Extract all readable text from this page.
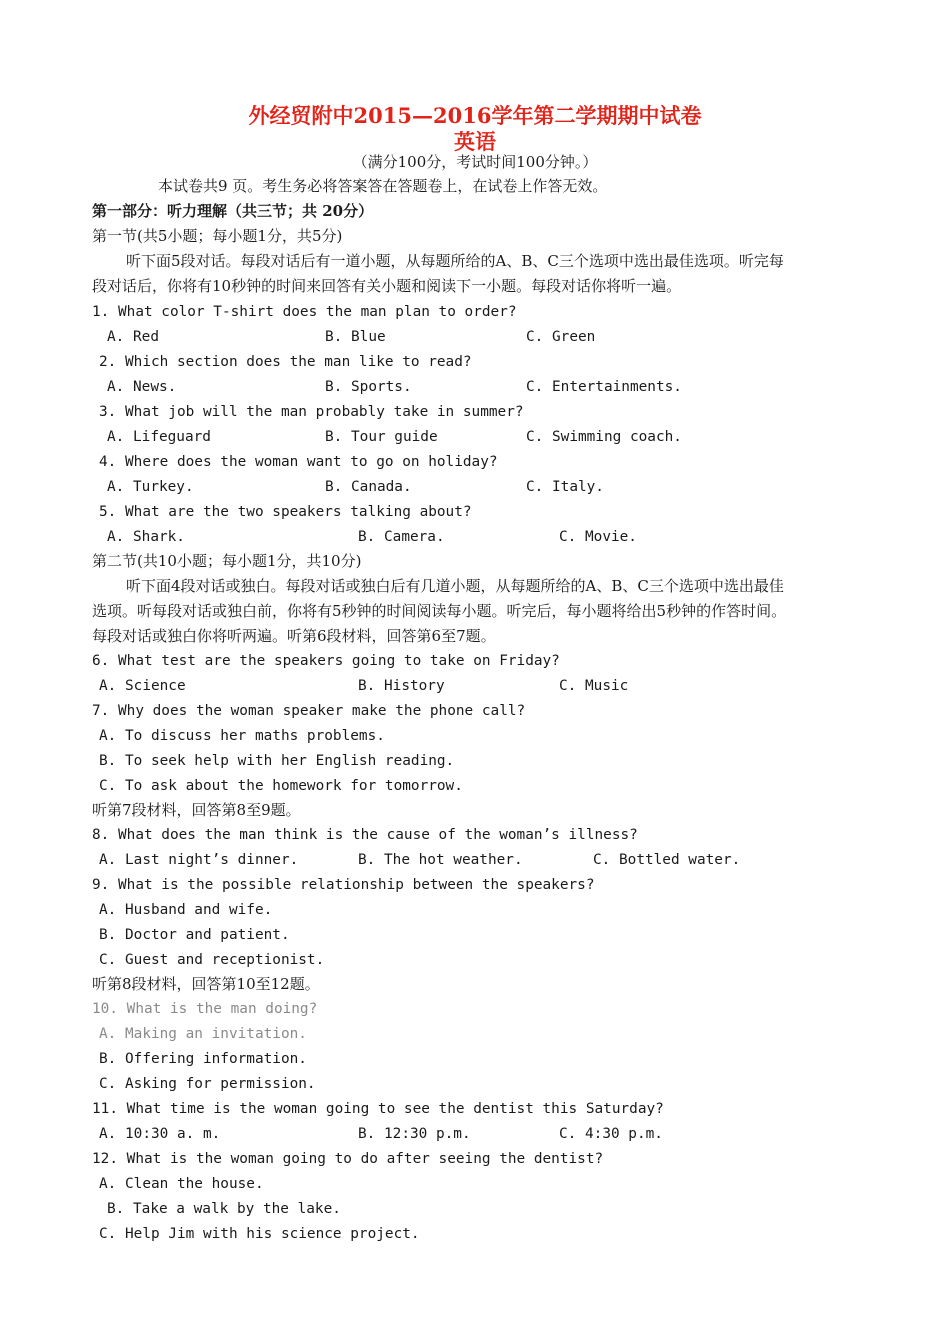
外经贸附中2015—2016学年第二学期期中试卷
英语
（满分100分，考试时间100分钟。）
本试卷共9 页。考生务必将答案答在答题卷上，在试卷上作答无效。
第一部分：听力理解（共三节；共 20分）
第一节(共5小题；每小题1分，共5分)
听下面5段对话。每段对话后有一道小题，从每题所给的A、B、C三个选项中选出最佳选项。听完每
段对话后，你将有10秒钟的时间来回答有关小题和阅读下一小题。每段对话你将听一遍。
1. What color T-shirt does the man plan to order?
A. Red	B. Blue	C. Green
2. Which section does the man like to read?
A. News.	B. Sports.	C. Entertainments.
3. What job will the man probably take in summer?
A. Lifeguard	B. Tour guide	C. Swimming coach.
4. Where does the woman want to go on holiday?
A. Turkey.	B. Canada.	C. Italy.
5. What are the two speakers talking about?
A. Shark.	B. Camera.	C. Movie.
第二节(共10小题；每小题1分，共10分)
听下面4段对话或独白。每段对话或独白后有几道小题，从每题所给的A、B、C三个选项中选出最佳
选项。听每段对话或独白前，你将有5秒钟的时间阅读每小题。听完后，每小题将给出5秒钟的作答时间。
每段对话或独白你将听两遍。听第6段材料，回答第6至7题。
6. What test are the speakers going to take on Friday?
A. Science	B. History	C. Music
7. Why does the woman speaker make the phone call?
A. To discuss her maths problems.
B. To seek help with her English reading.
C. To ask about the homework for tomorrow.
听第7段材料，回答第8至9题。
8. What does the man think is the cause of the woman’s illness?
A. Last night’s dinner.	B. The hot weather.	C. Bottled water.
9. What is the possible relationship between the speakers?
A. Husband and wife.
B. Doctor and patient.
C. Guest and receptionist.
听第8段材料，回答第10至12题。
10. What is the man doing?
A. Making an invitation.
B. Offering information.
C. Asking for permission.
11. What time is the woman going to see the dentist this Saturday?
A. 10:30 a. m.	B. 12:30 p.m.	C. 4:30 p.m.
12. What is the woman going to do after seeing the dentist?
A. Clean the house.
B. Take a walk by the lake.
C. Help Jim with his science project.
